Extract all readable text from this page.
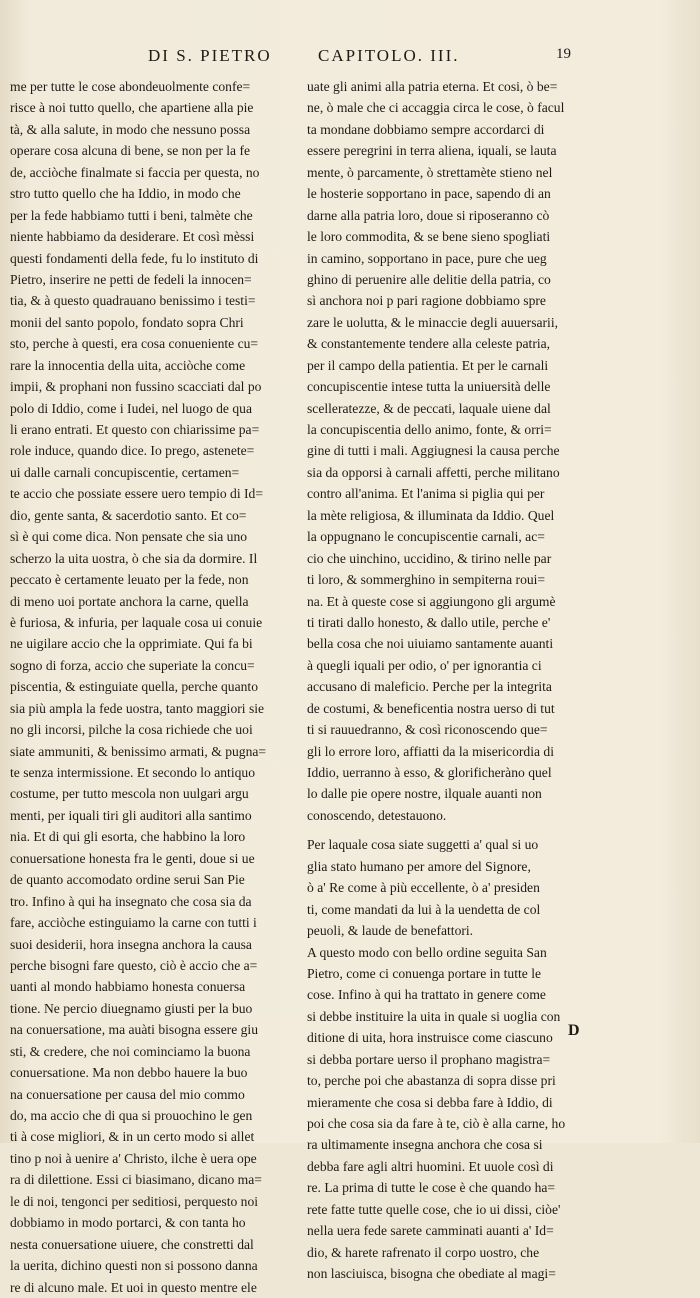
DI S. PIETRO	CAPITOLO. III.	19
me per tutte le cose abondeuolmente confe=
risce à noi tutto quello, che apartiene alla pie
tà, & alla salute, in modo che nessuno possa
operare cosa alcuna di bene, se non per la fe
de, acciòche finalmate si faccia per questa, no
stro tutto quello che ha Iddio, in modo che
per la fede habbiamo tutti i beni, talmète che
niente habbiamo da desiderare. Et così mèssi
questi fondamenti della fede, fu lo instituto di
Pietro, inserire ne petti de fedeli la innocen=
tia, & à questo quadrauano benissimo i testi=
monii del santo popolo, fondato sopra Chri
sto, perche à questi, era cosa conueniente cu=
rare la innocentia della uita, acciòche come
impii, & prophani non fussino scacciati dal po
polo di Iddio, come i Iudei, nel luogo de qua
li erano entrati. Et questo con chiarissime pa=
role induce, quando dice. Io prego, astenete=
ui dalle carnali concupiscentie, certamen=
te accio che possiate essere uero tempio di Id=
dio, gente santa, & sacerdotio santo. Et co=
sì è qui come dica. Non pensate che sia uno
scherzo la uita uostra, ò che sia da dormire. Il
peccato è certamente leuato per la fede, non
di meno uoi portate anchora la carne, quella
è furiosa, & infuria, per laquale cosa ui conuie
ne uigilare accio che la opprimiate. Qui fa bi
sogno di forza, accio che superiate la concu=
piscentia, & estinguiate quella, perche quanto
sia più ampla la fede uostra, tanto maggiori sie
no gli incorsi, pilche la cosa richiede che uoi
siate ammuniti, & benissimo armati, & pugna=
te senza intermissione. Et secondo lo antiquo
costume, per tutto mescola non uulgari argu
menti, per iquali tiri gli auditori alla santimo
nia. Et di qui gli esorta, che habbino la loro
conuersatione honesta fra le genti, doue si ue
de quanto accomodato ordine serui San Pie
tro. Infino à qui ha insegnato che cosa sia da
fare, acciòche estinguiamo la carne con tutti i
suoi desiderii, hora insegna anchora la causa
perche bisogni fare questo, ciò è accio che a=
uanti al mondo habbiamo honesta conuersa
tione. Ne percio diuegnamo giusti per la buo
na conuersatione, ma auàti bisogna essere giu
sti, & credere, che noi cominciamo la buona
conuersatione. Ma non debbo hauere la buo
na conuersatione per causa del mio commo
do, ma accio che di qua si prouochino le gen
ti à cose migliori, & in un certo modo si allet
tino p noi à uenire a' Christo, ilche è uera ope
ra di dilettione. Essi ci biasimano, dicano ma=
le di noi, tengonci per seditiosi, perquesto noi
dobbiamo in modo portarci, & con tanta ho
nesta conuersatione uiuere, che constretti dal
la uerita, dichino questi non si possono danna
re di alcuno male. Et uoi in questo mentre ele
uate gli animi alla patria eterna. Et cosi, ò be=
ne, ò male che ci accaggia circa le cose, ò facul
ta mondane dobbiamo sempre accordarci di
essere peregrini in terra aliena, iquali, se lauta
mente, ò parcamente, ò strettamète stieno nel
le hosterie sopportano in pace, sapendo di an
darne alla patria loro, doue si riposeranno cò
le loro commodita, & se bene sieno spogliati
in camino, sopportano in pace, pure che ueg
ghino di peruenire alle delitie della patria, co
sì anchora noi p pari ragione dobbiamo spre
zare le uolutta, & le minaccie degli auuersarii,
& constantemente tendere alla celeste patria,
per il campo della patientia. Et per le carnali
concupiscentie intese tutta la uniuersità delle
scelleratezze, & de peccati, laquale uiene dal
la concupiscentia dello animo, fonte, & orri=
gine di tutti i mali. Aggiugnesi la causa perche
sia da opporsi à carnali affetti, perche militano
contro all'anima. Et l'anima si piglia qui per
la mète religiosa, & illuminata da Iddio. Quel
la oppugnano le concupiscentie carnali, ac=
cio che uinchino, uccidino, & tirino nelle par
ti loro, & sommerghino in sempiterna roui=
na. Et à queste cose si aggiungono gli argumè
ti tirati dallo honesto, & dallo utile, perche e'
bella cosa che noi uiuiamo santamente auanti
à quegli iquali per odio, o' per ignorantia ci
accusano di maleficio. Perche per la integrita
de costumi, & beneficentia nostra uerso di tut
ti si rauuedranno, & così riconoscendo que=
gli lo errore loro, affiatti da la misericordia di
Iddio, uerranno à esso, & glorificheràno quel
lo dalle pie opere nostre, ilquale auanti non
conoscendo, detestauono.
Per laquale cosa siate suggetti a' qual si uo
glia stato humano per amore del Signore,
ò a' Re come à più eccellente, ò a' presiden
ti, come mandati da lui à la uendetta de col
peuoli, & laude de benefattori.
A questo modo con bello ordine seguita San
Pietro, come ci conuenga portare in tutte le
cose. Infino à qui ha trattato in genere come
si debbe instituire la uita in quale si uoglia con
ditione di uita, hora instruisce come ciascuno
si debba portare uerso il prophano magistra=
to, perche poi che abastanza di sopra disse pri
mieramente che cosa si debba fare à Iddio, di
poi che cosa sia da fare à te, ciò è alla carne, ho
ra ultimamente insegna anchora che cosa si
debba fare agli altri huomini. Et uuole così di
re. La prima di tutte le cose è che quando ha=
rete fatte tutte quelle cose, che io ui dissi, ciòe'
nella uera fede sarete camminati auanti a' Id=
dio, & harete rafrenato il corpo uostro, che
non lasciuisca, bisogna che obediate al magi=
D
